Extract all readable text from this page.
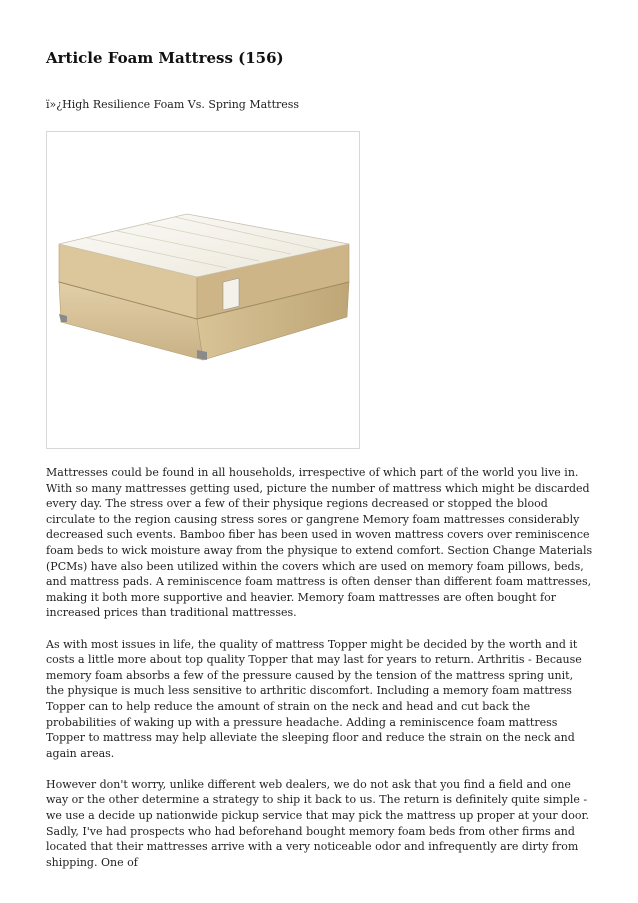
Article Foam Mattress (156)

ï»¿High Resilience Foam Vs. Spring Mattress

Mattresses could be found in all households, irrespective of which part of the world you live in. With so many mattresses getting used, picture the number of mattress which might be discarded every day. The stress over a few of their physique regions decreased or stopped the blood circulate to the region causing stress sores or gangrene Memory foam mattresses considerably decreased such events. Bamboo fiber has been used in woven mattress covers over reminiscence foam beds to wick moisture away from the physique to extend comfort. Section Change Materials (PCMs) have also been utilized within the covers which are used on memory foam pillows, beds, and mattress pads. A reminiscence foam mattress is often denser than different foam mattresses, making it both more supportive and heavier. Memory foam mattresses are often bought for increased prices than traditional mattresses.

As with most issues in life, the quality of mattress Topper might be decided by the worth and it costs a little more about top quality Topper that may last for years to return. Arthritis - Because memory foam absorbs a few of the pressure caused by the tension of the mattress spring unit, the physique is much less sensitive to arthritic discomfort. Including a memory foam mattress Topper can to help reduce the amount of strain on the neck and head and cut back the probabilities of waking up with a pressure headache. Adding a reminiscence foam mattress Topper to mattress may help alleviate the sleeping floor and reduce the strain on the neck and again areas.

However don't worry, unlike different web dealers, we do not ask that you find a field and one way or the other determine a strategy to ship it back to us. The return is definitely quite simple - we use a decide up nationwide pickup service that may pick the mattress up proper at your door. Sadly, I've had prospects who had beforehand bought memory foam beds from other firms and located that their mattresses arrive with a very noticeable odor and infrequently are dirty from shipping. One of
